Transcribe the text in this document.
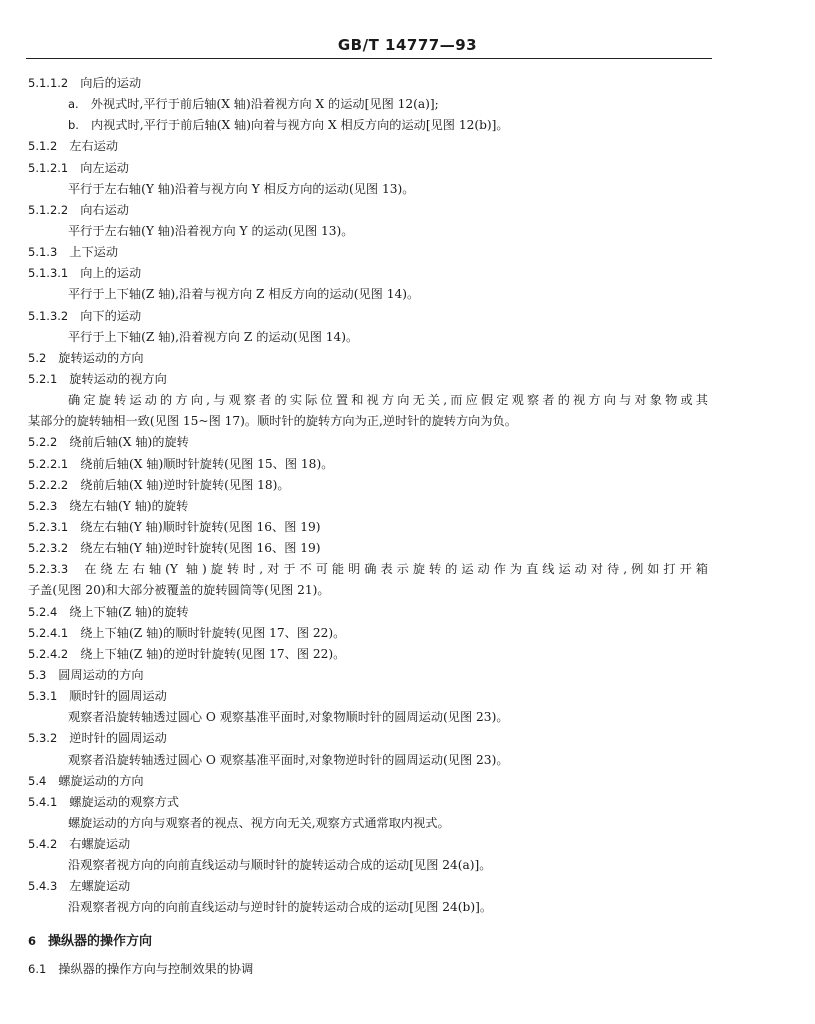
GB/T 14777—93
5.1.1.2 向后的运动
a. 外视式时,平行于前后轴(X 轴)沿着视方向 X 的运动[见图 12(a)];
b. 内视式时,平行于前后轴(X 轴)向着与视方向 X 相反方向的运动[见图 12(b)]。
5.1.2 左右运动
5.1.2.1 向左运动
平行于左右轴(Y 轴)沿着与视方向 Y 相反方向的运动(见图 13)。
5.1.2.2 向右运动
平行于左右轴(Y 轴)沿着视方向 Y 的运动(见图 13)。
5.1.3 上下运动
5.1.3.1 向上的运动
平行于上下轴(Z 轴),沿着与视方向 Z 相反方向的运动(见图 14)。
5.1.3.2 向下的运动
平行于上下轴(Z 轴),沿着视方向 Z 的运动(见图 14)。
5.2 旋转运动的方向
5.2.1 旋转运动的视方向
确定旋转运动的方向,与观察者的实际位置和视方向无关,而应假定观察者的视方向与对象物或其
某部分的旋转轴相一致(见图 15~图 17)。顺时针的旋转方向为正,逆时针的旋转方向为负。
5.2.2 绕前后轴(X 轴)的旋转
5.2.2.1 绕前后轴(X 轴)顺时针旋转(见图 15、图 18)。
5.2.2.2 绕前后轴(X 轴)逆时针旋转(见图 18)。
5.2.3 绕左右轴(Y 轴)的旋转
5.2.3.1 绕左右轴(Y 轴)顺时针旋转(见图 16、图 19)
5.2.3.2 绕左右轴(Y 轴)逆时针旋转(见图 16、图 19)
5.2.3.3 在绕左右轴(Y 轴)旋转时,对于不可能明确表示旋转的运动作为直线运动对待,例如打开箱
子盖(见图 20)和大部分被覆盖的旋转圆筒等(见图 21)。
5.2.4 绕上下轴(Z 轴)的旋转
5.2.4.1 绕上下轴(Z 轴)的顺时针旋转(见图 17、图 22)。
5.2.4.2 绕上下轴(Z 轴)的逆时针旋转(见图 17、图 22)。
5.3 圆周运动的方向
5.3.1 顺时针的圆周运动
观察者沿旋转轴透过圆心 O 观察基准平面时,对象物顺时针的圆周运动(见图 23)。
5.3.2 逆时针的圆周运动
观察者沿旋转轴透过圆心 O 观察基准平面时,对象物逆时针的圆周运动(见图 23)。
5.4 螺旋运动的方向
5.4.1 螺旋运动的观察方式
螺旋运动的方向与观察者的视点、视方向无关,观察方式通常取内视式。
5.4.2 右螺旋运动
沿观察者视方向的向前直线运动与顺时针的旋转运动合成的运动[见图 24(a)]。
5.4.3 左螺旋运动
沿观察者视方向的向前直线运动与逆时针的旋转运动合成的运动[见图 24(b)]。
6 操纵器的操作方向
6.1 操纵器的操作方向与控制效果的协调
